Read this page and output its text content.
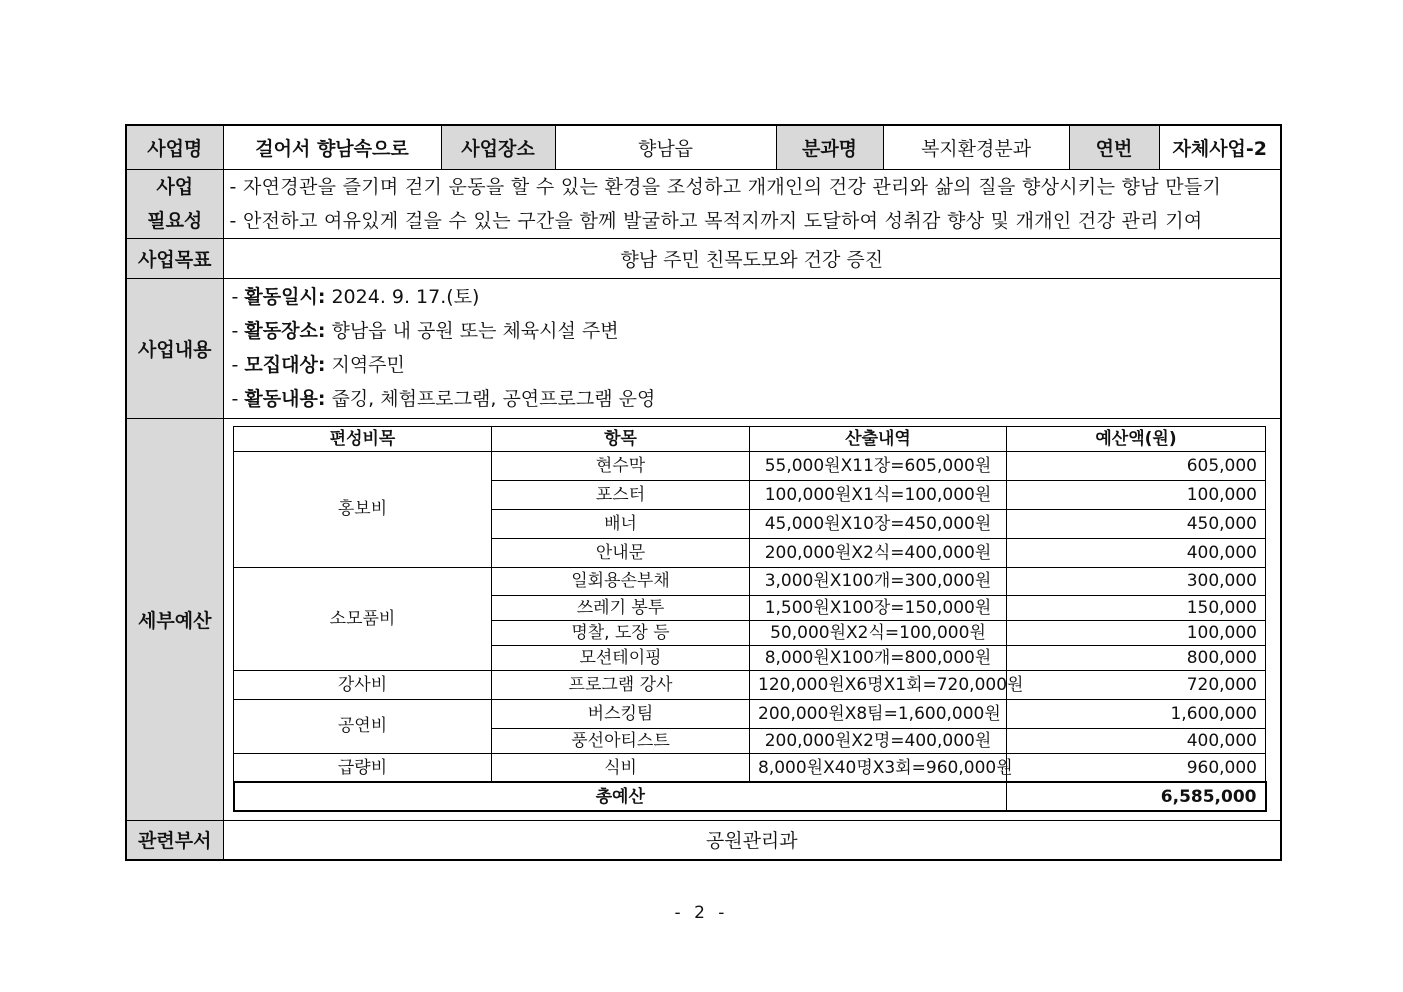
사업명	걸어서 향남속으로	사업장소	향남읍	분과명	복지환경분과	연번	자체사업-2

사업
필요성

- 자연경관을 즐기며 걷기 운동을 할 수 있는 환경을 조성하고 개개인의 건강 관리와 삶의 질을 향상시키는 향남 만들기
- 안전하고 여유있게 걸을 수 있는 구간을 함께 발굴하고 목적지까지 도달하여 성취감 향상 및 개개인 건강 관리 기여

사업목표	향남 주민 친목도모와 건강 증진
사업내용	
- 활동일시: 2024. 9. 17.(토)
- 활동장소: 향남읍 내 공원 또는 체육시설 주변
- 모집대상: 지역주민
- 활동내용: 줍깅, 체험프로그램, 공연프로그램 운영

세부예산	
편성비목	항목	산출내역	예산액(원)
홍보비	현수막	55,000원X11장=605,000원	605,000
포스터	100,000원X1식=100,000원	100,000
배너	45,000원X10장=450,000원	450,000
안내문	200,000원X2식=400,000원	400,000
소모품비	일회용손부채	3,000원X100개=300,000원	300,000
쓰레기 봉투	1,500원X100장=150,000원	150,000
명찰, 도장 등	50,000원X2식=100,000원	100,000
모션테이핑	8,000원X100개=800,000원	800,000
강사비	프로그램 강사	120,000원X6명X1회=720,000원	720,000
공연비	버스킹팀	200,000원X8팀=1,600,000원	1,600,000
풍선아티스트	200,000원X2명=400,000원	400,000
급량비	식비	8,000원X40명X3회=960,000원	960,000
총예산	6,585,000

관련부서	공원관리과
- 2 -
